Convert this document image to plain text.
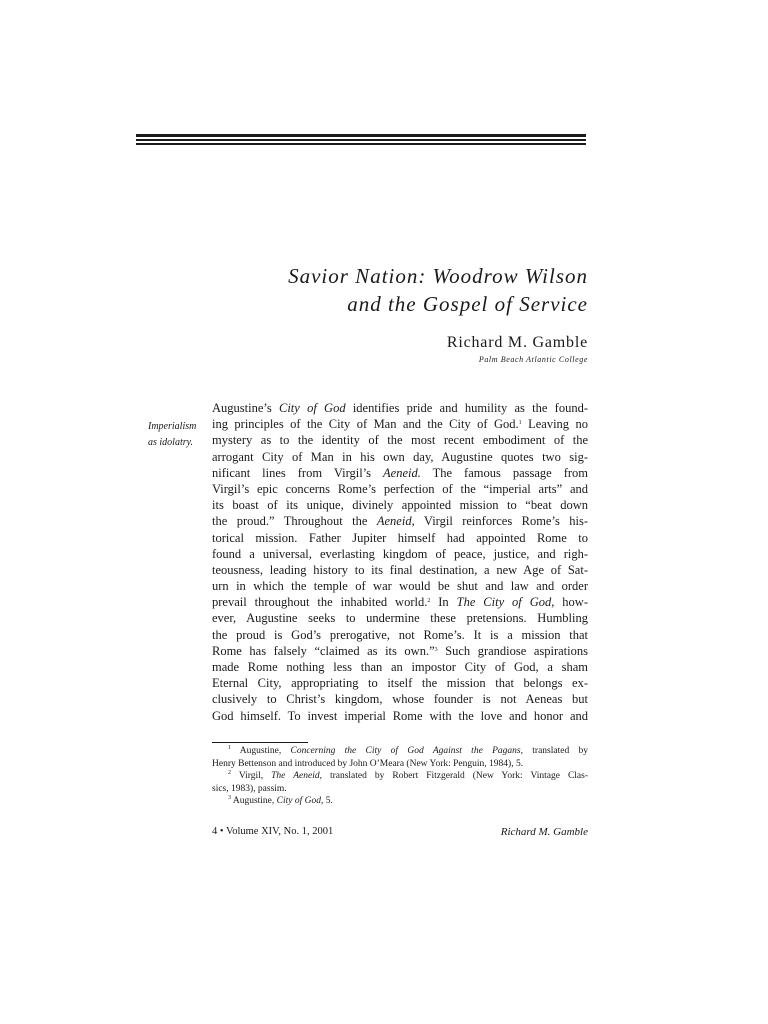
Savior Nation: Woodrow Wilson
and the Gospel of Service
Richard M. Gamble
Palm Beach Atlantic College
Imperialism
as idolatry.
Augustine’s City of God identifies pride and humility as the found-
ing principles of the City of Man and the City of God.$^1$ Leaving no
mystery as to the identity of the most recent embodiment of the
arrogant City of Man in his own day, Augustine quotes two sig-
nificant lines from Virgil’s Aeneid. The famous passage from
Virgil’s epic concerns Rome’s perfection of the “imperial arts” and
its boast of its unique, divinely appointed mission to “beat down
the proud.” Throughout the Aeneid, Virgil reinforces Rome’s his-
torical mission. Father Jupiter himself had appointed Rome to
found a universal, everlasting kingdom of peace, justice, and righ-
teousness, leading history to its final destination, a new Age of Sat-
urn in which the temple of war would be shut and law and order
prevail throughout the inhabited world.$^2$ In The City of God, how-
ever, Augustine seeks to undermine these pretensions. Humbling
the proud is God’s prerogative, not Rome’s. It is a mission that
Rome has falsely “claimed as its own.”$^3$ Such grandiose aspirations
made Rome nothing less than an impostor City of God, a sham
Eternal City, appropriating to itself the mission that belongs ex-
clusively to Christ’s kingdom, whose founder is not Aeneas but
God himself. To invest imperial Rome with the love and honor and
$^1$ Augustine, Concerning the City of God Against the Pagans, translated by
Henry Bettenson and introduced by John O’Meara (New York: Penguin, 1984), 5.
$^2$ Virgil, The Aeneid, translated by Robert Fitzgerald (New York: Vintage Clas-
sics, 1983), passim.
$^3$ Augustine, City of God, 5.
4 • Volume XIV, No. 1, 2001	Richard M. Gamble
